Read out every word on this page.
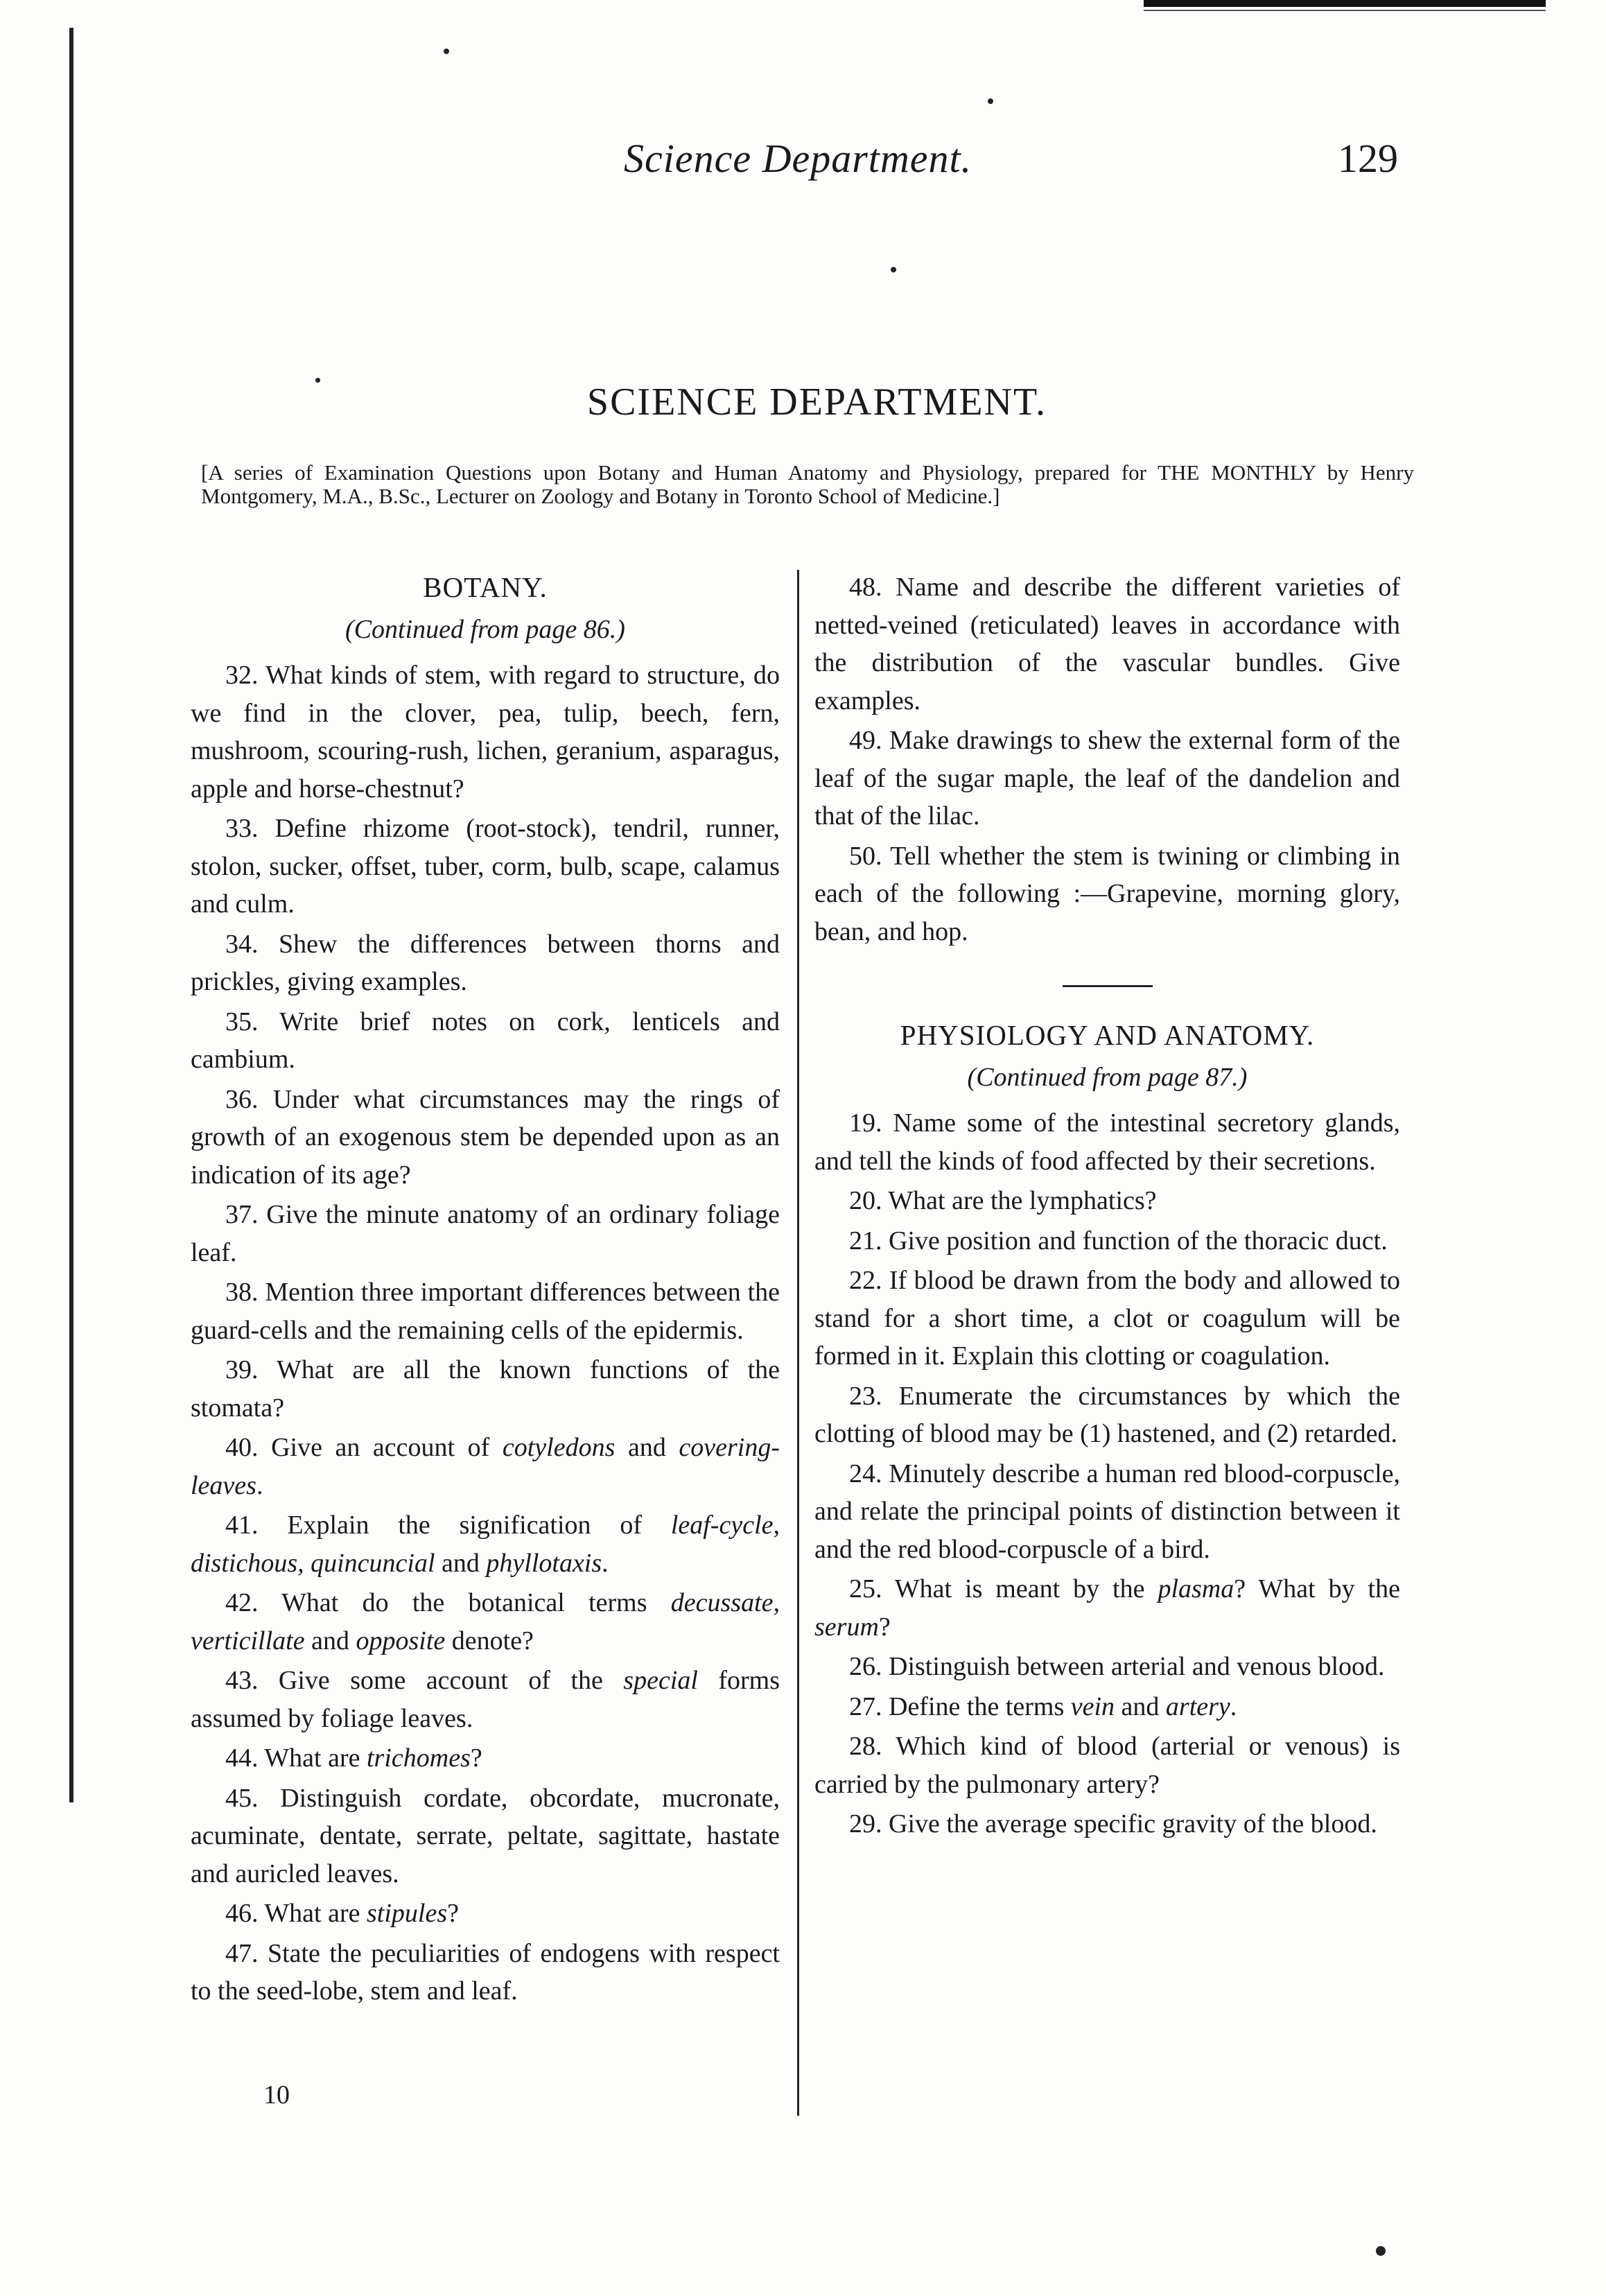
Science Department.	129
SCIENCE DEPARTMENT.
[A series of Examination Questions upon Botany and Human Anatomy and Physiology, prepared for THE MONTHLY by Henry Montgomery, M.A., B.Sc., Lecturer on Zoology and Botany in Toronto School of Medicine.]
BOTANY.
(Continued from page 86.)

32. What kinds of stem, with regard to structure, do we find in the clover, pea, tulip, beech, fern, mushroom, scouring-rush, lichen, geranium, asparagus, apple and horse-chestnut?

33. Define rhizome (root-stock), tendril, runner, stolon, sucker, offset, tuber, corm, bulb, scape, calamus and culm.

34. Shew the differences between thorns and prickles, giving examples.

35. Write brief notes on cork, lenticels and cambium.

36. Under what circumstances may the rings of growth of an exogenous stem be depended upon as an indication of its age?

37. Give the minute anatomy of an ordinary foliage leaf.

38. Mention three important differences between the guard-cells and the remaining cells of the epidermis.

39. What are all the known functions of the stomata?

40. Give an account of cotyledons and covering-leaves.

41. Explain the signification of leaf-cycle, distichous, quincuncial and phyllotaxis.

42. What do the botanical terms decussate, verticillate and opposite denote?

43. Give some account of the special forms assumed by foliage leaves.

44. What are trichomes?

45. Distinguish cordate, obcordate, mucronate, acuminate, dentate, serrate, peltate, sagittate, hastate and auricled leaves.

46. What are stipules?

47. State the peculiarities of endogens with respect to the seed-lobe, stem and leaf.

48. Name and describe the different varieties of netted-veined (reticulated) leaves in accordance with the distribution of the vascular bundles. Give examples.

49. Make drawings to shew the external form of the leaf of the sugar maple, the leaf of the dandelion and that of the lilac.

50. Tell whether the stem is twining or climbing in each of the following :—Grapevine, morning glory, bean, and hop.

PHYSIOLOGY AND ANATOMY.
(Continued from page 87.)

19. Name some of the intestinal secretory glands, and tell the kinds of food affected by their secretions.

20. What are the lymphatics?

21. Give position and function of the thoracic duct.

22. If blood be drawn from the body and allowed to stand for a short time, a clot or coagulum will be formed in it. Explain this clotting or coagulation.

23. Enumerate the circumstances by which the clotting of blood may be (1) hastened, and (2) retarded.

24. Minutely describe a human red blood-corpuscle, and relate the principal points of distinction between it and the red blood-corpuscle of a bird.

25. What is meant by the plasma? What by the serum?

26. Distinguish between arterial and venous blood.

27. Define the terms vein and artery.

28. Which kind of blood (arterial or venous) is carried by the pulmonary artery?

29. Give the average specific gravity of the blood.

10
